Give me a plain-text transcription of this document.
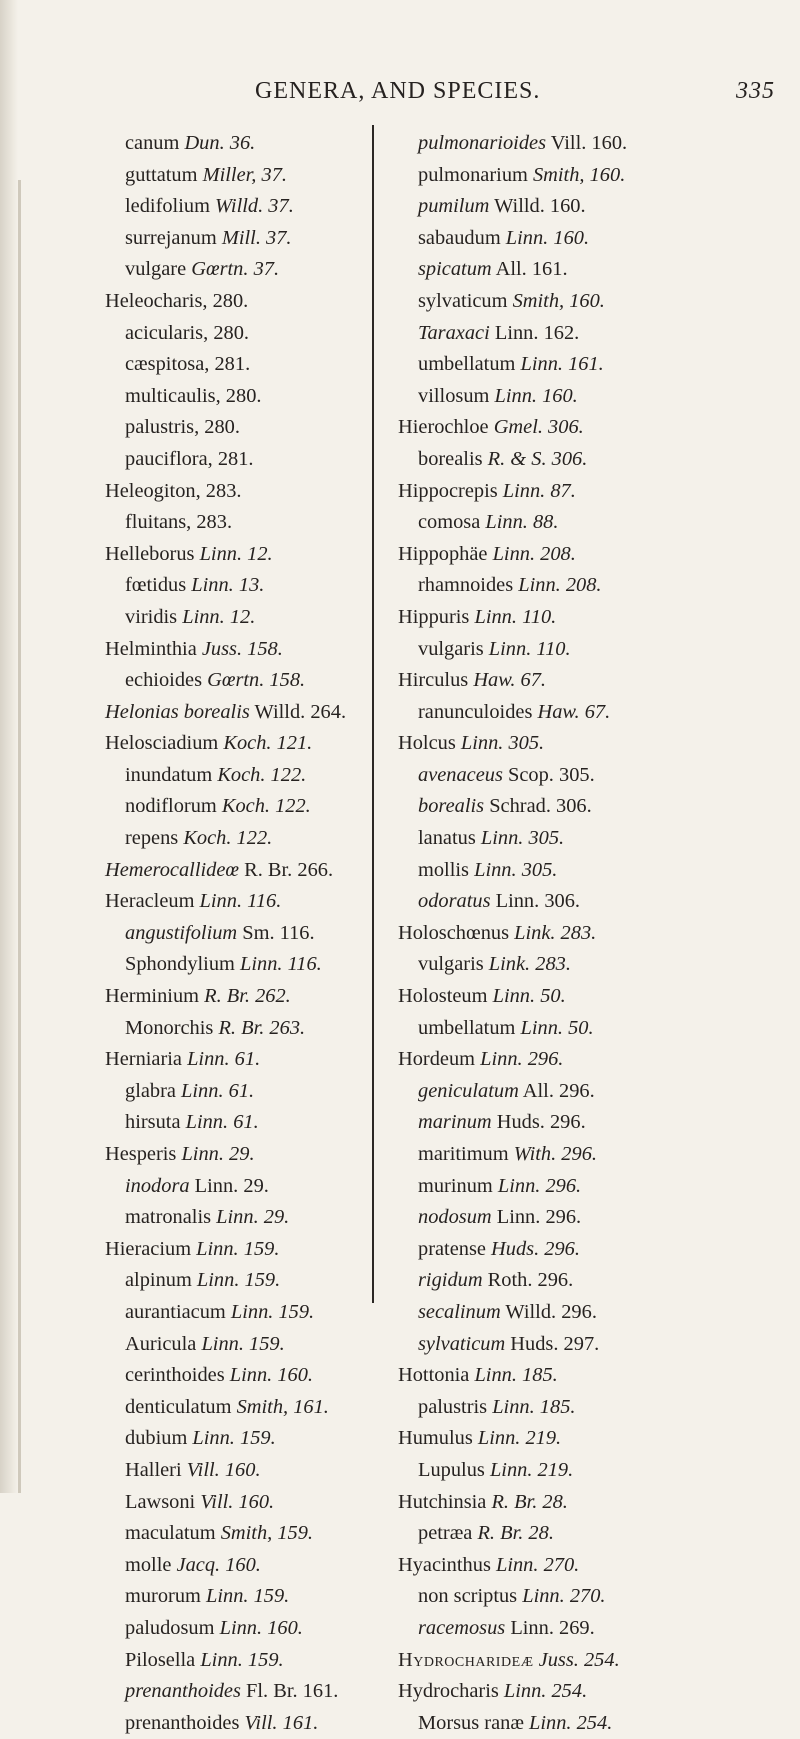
GENERA, AND SPECIES.	335
canum Dun. 36.
guttatum Miller, 37.
ledifolium Willd. 37.
surrejanum Mill. 37.
vulgare Gœrtn. 37.
Heleocharis, 280.
acicularis, 280.
cæspitosa, 281.
multicaulis, 280.
palustris, 280.
pauciflora, 281.
Heleogiton, 283.
fluitans, 283.
Helleborus Linn. 12.
fœtidus Linn. 13.
viridis Linn. 12.
Helminthia Juss. 158.
echioides Gœrtn. 158.
Helonias borealis Willd. 264.
Helosciadium Koch. 121.
inundatum Koch. 122.
nodiflorum Koch. 122.
repens Koch. 122.
Hemerocallideœ R. Br. 266.
Heracleum Linn. 116.
angustifolium Sm. 116.
Sphondylium Linn. 116.
Herminium R. Br. 262.
Monorchis R. Br. 263.
Herniaria Linn. 61.
glabra Linn. 61.
hirsuta Linn. 61.
Hesperis Linn. 29.
inodora Linn. 29.
matronalis Linn. 29.
Hieracium Linn. 159.
alpinum Linn. 159.
aurantiacum Linn. 159.
Auricula Linn. 159.
cerinthoides Linn. 160.
denticulatum Smith, 161.
dubium Linn. 159.
Halleri Vill. 160.
Lawsoni Vill. 160.
maculatum Smith, 159.
molle Jacq. 160.
murorum Linn. 159.
paludosum Linn. 160.
Pilosella Linn. 159.
prenanthoides Fl. Br. 161.
prenanthoides Vill. 161.
pulmonarioides Vill. 160.
pulmonarium Smith, 160.
pumilum Willd. 160.
sabaudum Linn. 160.
spicatum All. 161.
sylvaticum Smith, 160.
Taraxaci Linn. 162.
umbellatum Linn. 161.
villosum Linn. 160.
Hierochloe Gmel. 306.
borealis R. & S. 306.
Hippocrepis Linn. 87.
comosa Linn. 88.
Hippophäe Linn. 208.
rhamnoides Linn. 208.
Hippuris Linn. 110.
vulgaris Linn. 110.
Hirculus Haw. 67.
ranunculoides Haw. 67.
Holcus Linn. 305.
avenaceus Scop. 305.
borealis Schrad. 306.
lanatus Linn. 305.
mollis Linn. 305.
odoratus Linn. 306.
Holoschœnus Link. 283.
vulgaris Link. 283.
Holosteum Linn. 50.
umbellatum Linn. 50.
Hordeum Linn. 296.
geniculatum All. 296.
marinum Huds. 296.
maritimum With. 296.
murinum Linn. 296.
nodosum Linn. 296.
pratense Huds. 296.
rigidum Roth. 296.
secalinum Willd. 296.
sylvaticum Huds. 297.
Hottonia Linn. 185.
palustris Linn. 185.
Humulus Linn. 219.
Lupulus Linn. 219.
Hutchinsia R. Br. 28.
petræa R. Br. 28.
Hyacinthus Linn. 270.
non scriptus Linn. 270.
racemosus Linn. 269.
Hydrocharideæ Juss. 254.
Hydrocharis Linn. 254.
Morsus ranæ Linn. 254.
